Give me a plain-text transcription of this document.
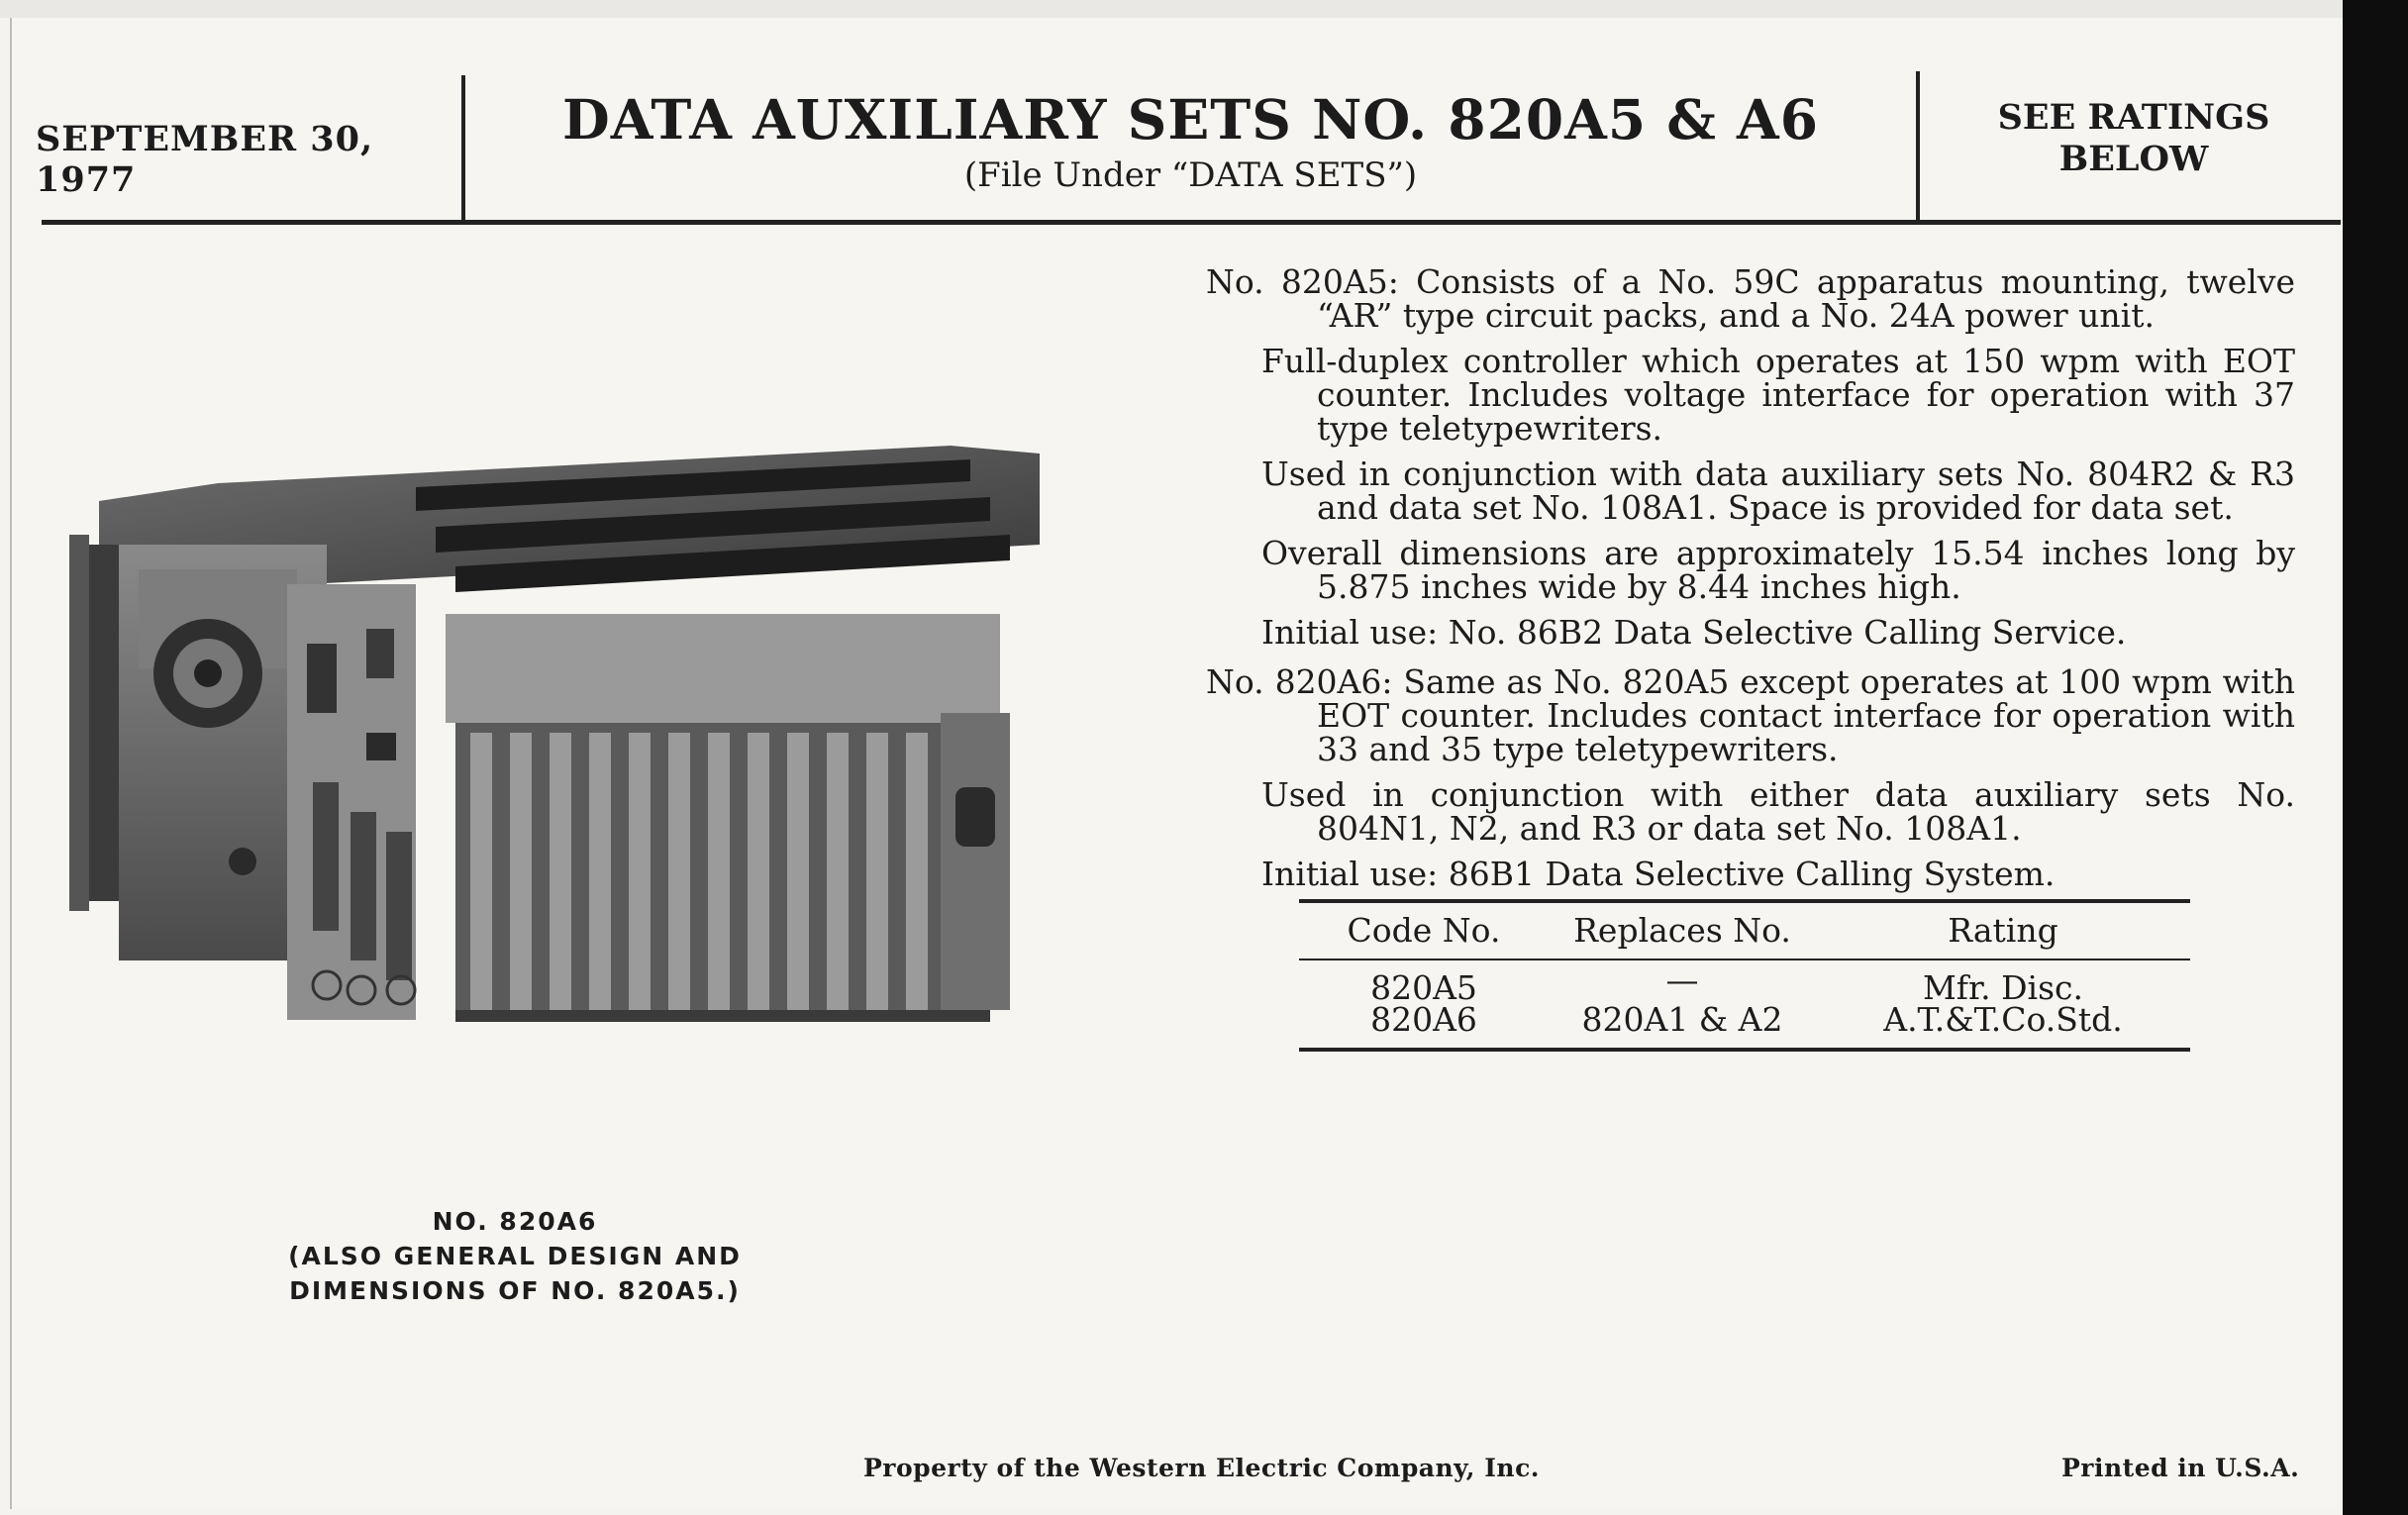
SEPTEMBER 30, 1977
DATA AUXILIARY SETS NO. 820A5 & A6
(File Under “DATA SETS”)
SEE RATINGS
BELOW
NO. 820A6
(ALSO GENERAL DESIGN AND
DIMENSIONS OF NO. 820A5.)
No. 820A5: Consists of a No. 59C apparatus mounting, twelve “AR” type circuit packs, and a No. 24A power unit.
Full-duplex controller which operates at 150 wpm with EOT counter. Includes voltage interface for operation with 37 type teletypewriters.
Used in conjunction with data auxiliary sets No. 804R2 & R3 and data set No. 108A1. Space is provided for data set.
Overall dimensions are approximately 15.54 inches long by 5.875 inches wide by 8.44 inches high.
Initial use: No. 86B2 Data Selective Calling Service.
No. 820A6: Same as No. 820A5 except operates at 100 wpm with EOT counter. Includes contact interface for operation with 33 and 35 type teletypewriters.
Used in conjunction with either data auxiliary sets No. 804N1, N2, and R3 or data set No. 108A1.
Initial use: 86B1 Data Selective Calling System.
Code No.	Replaces No.	Rating
820A5	—	Mfr. Disc.
820A6	820A1 & A2	A.T.&T.Co.Std.
Property of the Western Electric Company, Inc.	Printed in U.S.A.
